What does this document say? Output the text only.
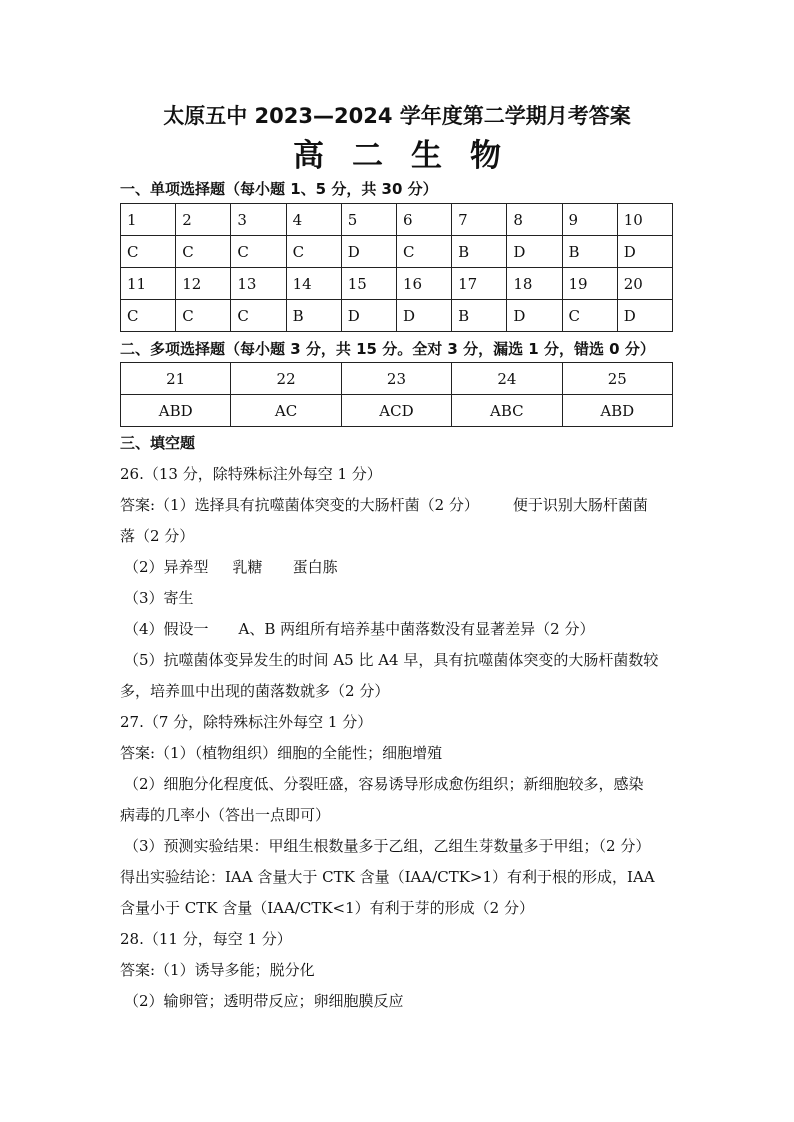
太原五中 2023—2024 学年度第二学期月考答案
高二生物
一、单项选择题（每小题 1、5 分，共 30 分）
1	2	3	4	5	6	7	8	9	10
C	C	C	C	D	C	B	D	B	D
11	12	13	14	15	16	17	18	19	20
C	C	C	B	D	D	B	D	C	D
二、多项选择题（每小题 3 分，共 15 分。全对 3 分，漏选 1 分，错选 0 分）
21	22	23	24	25
ABD	AC	ACD	ABC	ABD
三、填空题
26.（13 分，除特殊标注外每空 1 分）
答案:（1）选择具有抗噬菌体突变的大肠杆菌（2 分） 便于识别大肠杆菌菌
落（2 分）
（2）异养型 乳糖 蛋白胨
（3）寄生
（4）假设一 A、B 两组所有培养基中菌落数没有显著差异（2 分）
（5）抗噬菌体变异发生的时间 A5 比 A4 早，具有抗噬菌体突变的大肠杆菌数较
多，培养皿中出现的菌落数就多（2 分）
27.（7 分，除特殊标注外每空 1 分）
答案:（1）（植物组织）细胞的全能性；细胞增殖
（2）细胞分化程度低、分裂旺盛，容易诱导形成愈伤组织；新细胞较多，感染
病毒的几率小（答出一点即可）
（3）预测实验结果：甲组生根数量多于乙组，乙组生芽数量多于甲组；（2 分）
得出实验结论：IAA 含量大于 CTK 含量（IAA/CTK>1）有利于根的形成，IAA
含量小于 CTK 含量（IAA/CTK<1）有利于芽的形成（2 分）
28.（11 分，每空 1 分）
答案:（1）诱导多能；脱分化
（2）输卵管；透明带反应；卵细胞膜反应
